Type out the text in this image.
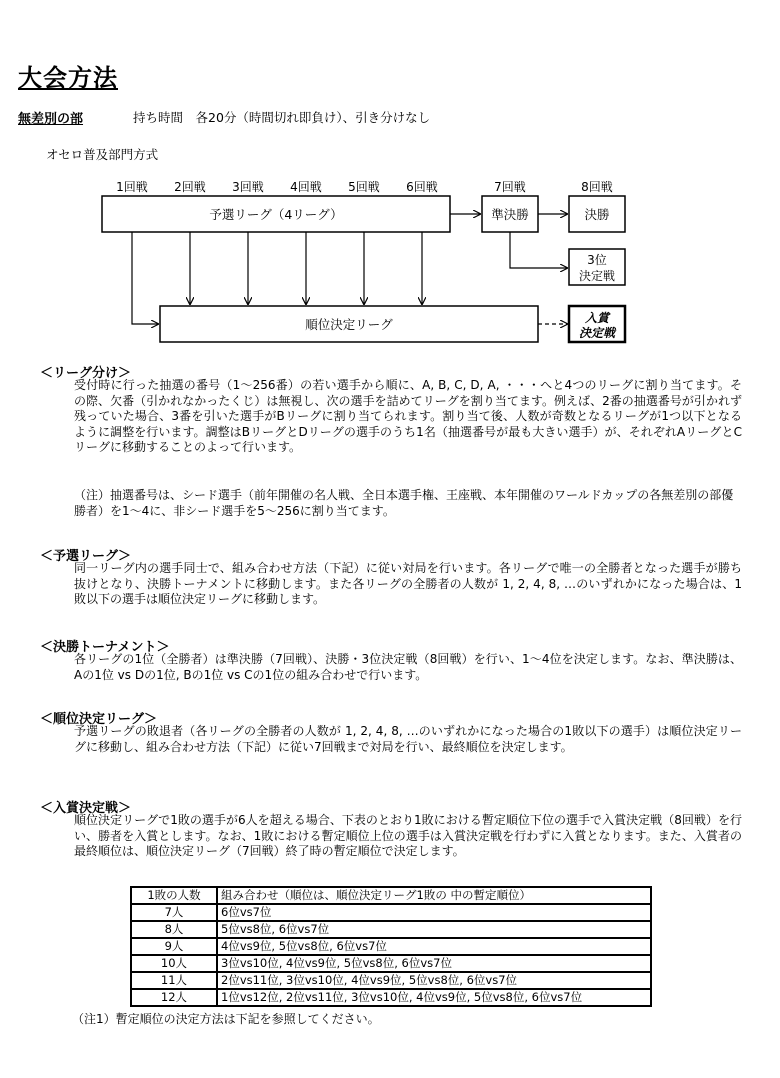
大会方法
無差別の部	持ち時間　各20分（時間切れ即負け）、引き分けなし
オセロ普及部門方式
1回戦 2回戦 3回戦 4回戦 5回戦 6回戦	7回戦	8回戦
予選リーグ（4リーグ）	準決勝	決勝
3位
決定戦
順位決定リーグ	入賞
決定戦
＜リーグ分け＞
受付時に行った抽選の番号（1～256番）の若い選手から順に、A, B, C, D, A, ・・・へと4つのリーグに割り当てます。その際、欠番（引かれなかったくじ）は無視し、次の選手を詰めてリーグを割り当てます。例えば、2番の抽選番号が引かれず残っていた場合、3番を引いた選手がBリーグに割り当てられます。割り当て後、人数が奇数となるリーグが1つ以下となるように調整を行います。調整はBリーグとDリーグの選手のうち1名（抽選番号が最も大きい選手）が、それぞれAリーグとCリーグに移動することのよって行います。
（注）抽選番号は、シード選手（前年開催の名人戦、全日本選手権、王座戦、本年開催のワールドカップの各無差別の部優勝者）を1～4に、非シード選手を5～256に割り当てます。
＜予選リーグ＞
同一リーグ内の選手同士で、組み合わせ方法（下記）に従い対局を行います。各リーグで唯一の全勝者となった選手が勝ち抜けとなり、決勝トーナメントに移動します。また各リーグの全勝者の人数が 1, 2, 4, 8, …のいずれかになった場合は、1敗以下の選手は順位決定リーグに移動します。
＜決勝トーナメント＞
各リーグの1位（全勝者）は準決勝（7回戦）、決勝・3位決定戦（8回戦）を行い、1～4位を決定します。なお、準決勝は、Aの1位 vs Dの1位, Bの1位 vs Cの1位の組み合わせで行います。
＜順位決定リーグ＞
予選リーグの敗退者（各リーグの全勝者の人数が 1, 2, 4, 8, …のいずれかになった場合の1敗以下の選手）は順位決定リーグに移動し、組み合わせ方法（下記）に従い7回戦まで対局を行い、最終順位を決定します。
＜入賞決定戦＞
順位決定リーグで1敗の選手が6人を超える場合、下表のとおり1敗における暫定順位下位の選手で入賞決定戦（8回戦）を行い、勝者を入賞とします。なお、1敗における暫定順位上位の選手は入賞決定戦を行わずに入賞となります。また、入賞者の最終順位は、順位決定リーグ（7回戦）終了時の暫定順位で決定します。
1敗の人数	組み合わせ（順位は、順位決定リーグ1敗の 中の暫定順位）
7人	6位vs7位
8人	5位vs8位, 6位vs7位
9人	4位vs9位, 5位vs8位, 6位vs7位
10人	3位vs10位, 4位vs9位, 5位vs8位, 6位vs7位
11人	2位vs11位, 3位vs10位, 4位vs9位, 5位vs8位, 6位vs7位
12人	1位vs12位, 2位vs11位, 3位vs10位, 4位vs9位, 5位vs8位, 6位vs7位
（注1）暫定順位の決定方法は下記を参照してください。
